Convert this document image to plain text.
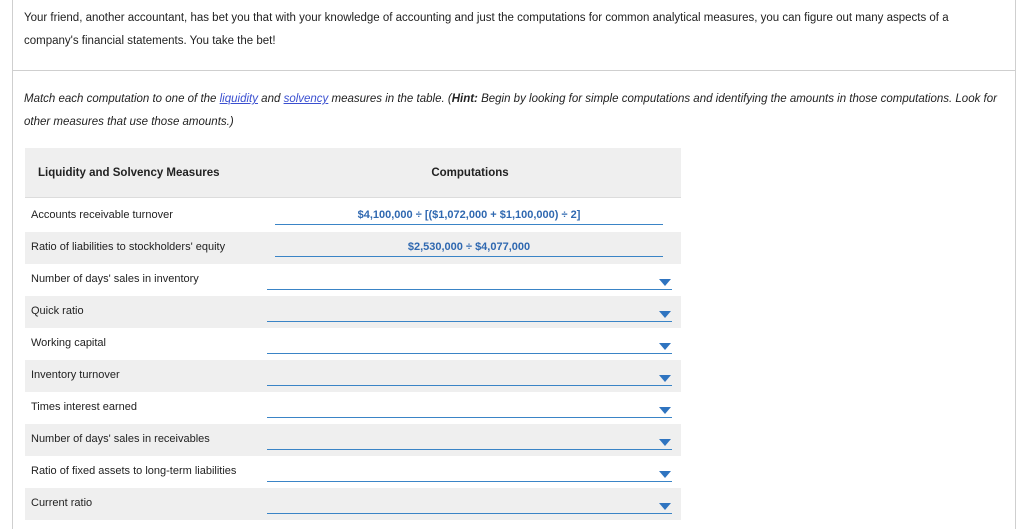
Your friend, another accountant, has bet you that with your knowledge of accounting and just the computations for common analytical measures, you can figure out many aspects of a company's financial statements. You take the bet!
Match each computation to one of the liquidity and solvency measures in the table. (Hint: Begin by looking for simple computations and identifying the amounts in those computations. Look for other measures that use those amounts.)
Liquidity and Solvency Measures	Computations
Accounts receivable turnover	$4,100,000 ÷ [($1,072,000 + $1,100,000) ÷ 2]
Ratio of liabilities to stockholders' equity	$2,530,000 ÷ $4,077,000
Number of days' sales in inventory
Quick ratio
Working capital
Inventory turnover
Times interest earned
Number of days' sales in receivables
Ratio of fixed assets to long-term liabilities
Current ratio
